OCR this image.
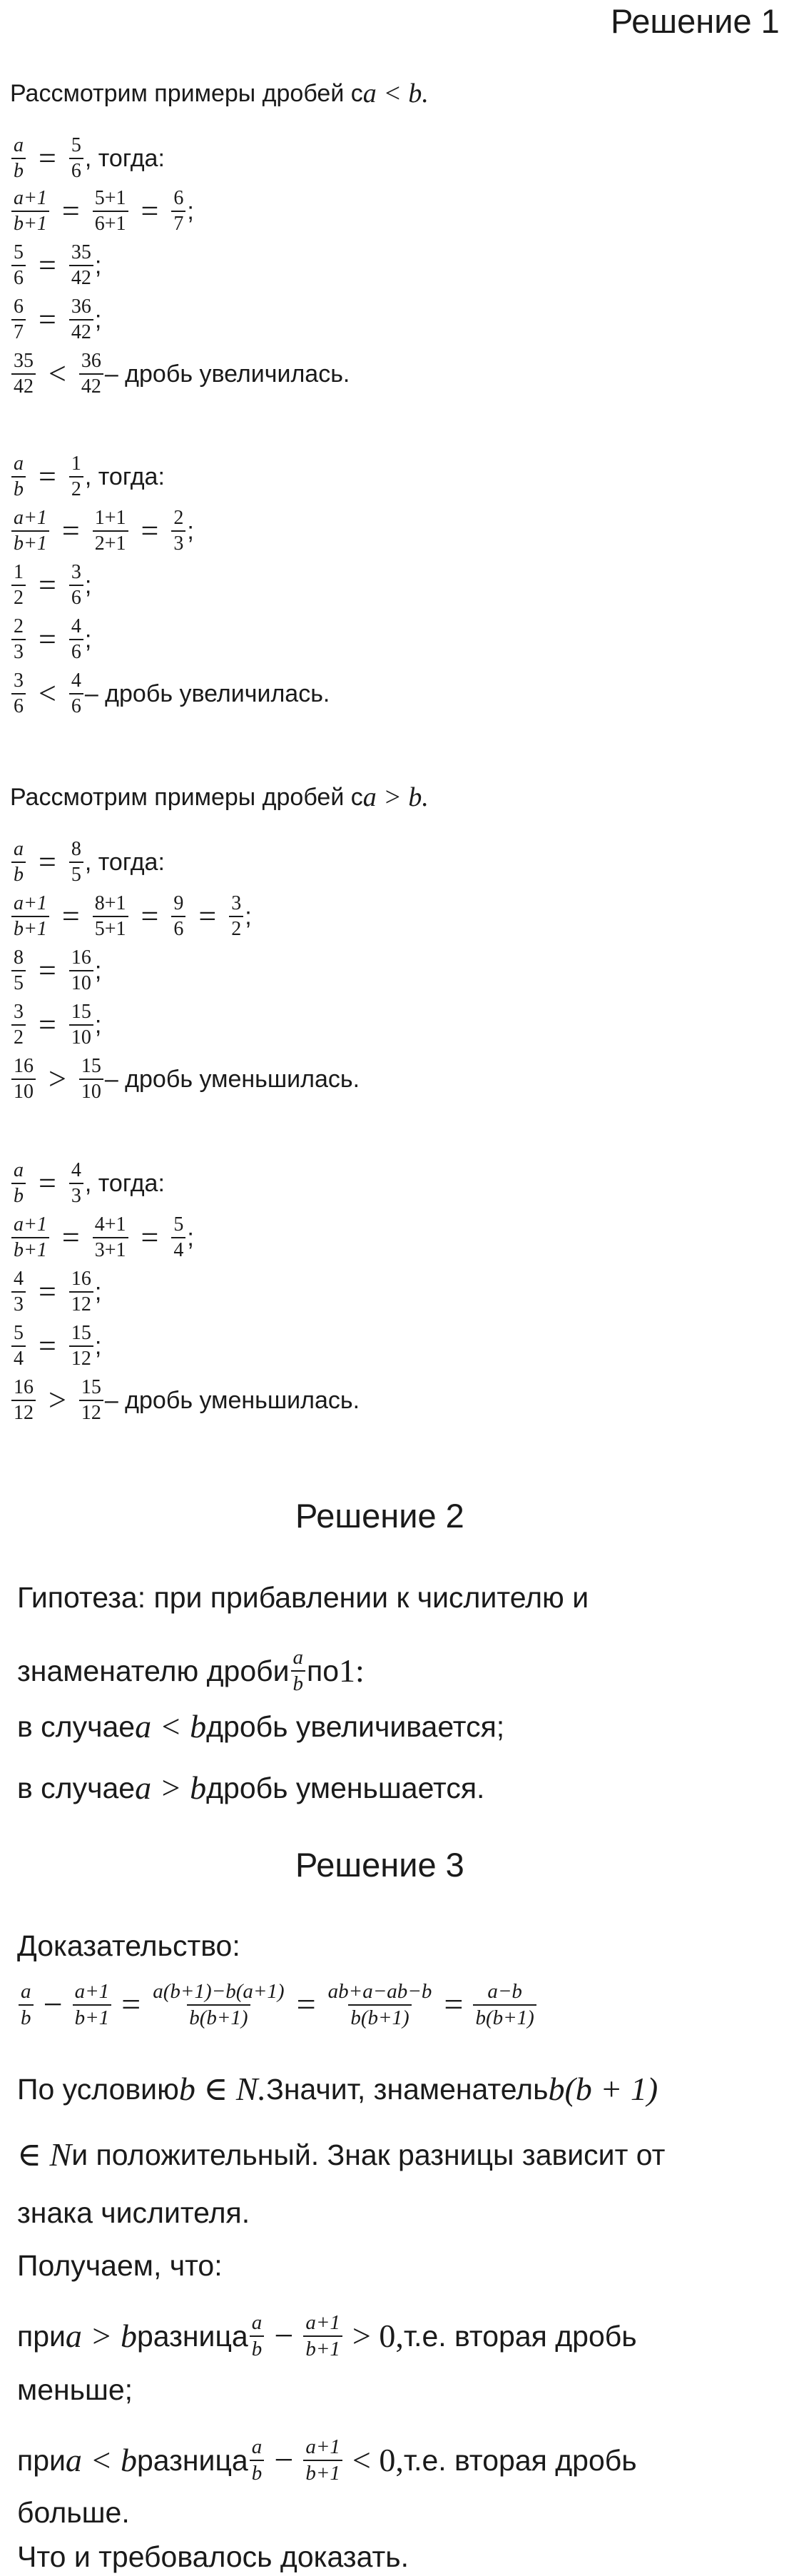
Решение 1
Рассмотрим примеры дробей с a < b.
$\frac{a}{b} = \frac{5}{6}$ , тогда:
$\frac{a+1}{b+1} = \frac{5+1}{6+1} = \frac{6}{7}$ ;
$\frac{5}{6} = \frac{35}{42}$ ;
$\frac{6}{7} = \frac{36}{42}$ ;
$\frac{35}{42} < \frac{36}{42}$ – дробь увеличилась.
$\frac{a}{b} = \frac{1}{2}$ , тогда:
$\frac{a+1}{b+1} = \frac{1+1}{2+1} = \frac{2}{3}$ ;
$\frac{1}{2} = \frac{3}{6}$ ;
$\frac{2}{3} = \frac{4}{6}$ ;
$\frac{3}{6} < \frac{4}{6}$ – дробь увеличилась.
Рассмотрим примеры дробей с a > b.
$\frac{a}{b} = \frac{8}{5}$ , тогда:
$\frac{a+1}{b+1} = \frac{8+1}{5+1} = \frac{9}{6} = \frac{3}{2}$ ;
$\frac{8}{5} = \frac{16}{10}$ ;
$\frac{3}{2} = \frac{15}{10}$ ;
$\frac{16}{10} > \frac{15}{10}$ – дробь уменьшилась.
$\frac{a}{b} = \frac{4}{3}$ , тогда:
$\frac{a+1}{b+1} = \frac{4+1}{3+1} = \frac{5}{4}$ ;
$\frac{4}{3} = \frac{16}{12}$ ;
$\frac{5}{4} = \frac{15}{12}$ ;
$\frac{16}{12} > \frac{15}{12}$ – дробь уменьшилась.
Решение 2
Гипотеза: при прибавлении к числителю и
знаменателю дроби $\frac{a}{b}$ по 1:
в случае a < b дробь увеличивается;
в случае a > b дробь уменьшается.
Решение 3
Доказательство:
$\frac{a}{b} - \frac{a+1}{b+1} = \frac{a(b+1)-b(a+1)}{b(b+1)} = \frac{ab+a-ab-b}{b(b+1)} = \frac{a-b}{b(b+1)}$
По условию b ∈ N. Значит, знаменатель b(b + 1)
∈ N и положительный. Знак разницы зависит от
знака числителя.
Получаем, что:
при a > b разница $\frac{a}{b} - \frac{a+1}{b+1} > 0$, т.е. вторая дробь
меньше;
при a < b разница $\frac{a}{b} - \frac{a+1}{b+1} < 0$, т.е. вторая дробь
больше.
Что и требовалось доказать.
